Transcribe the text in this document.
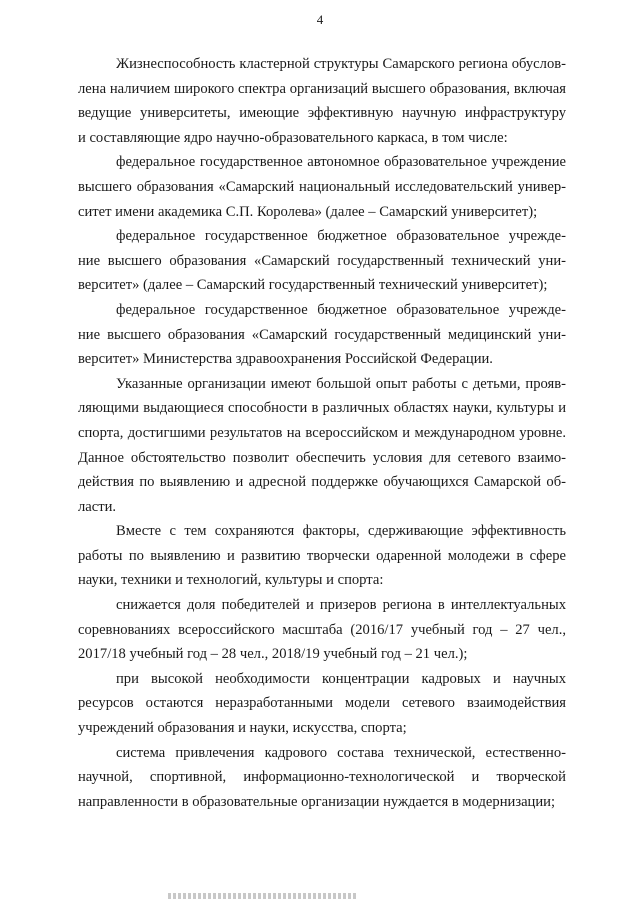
4
Жизнеспособность кластерной структуры Самарского региона обуслов-
лена наличием широкого спектра организаций высшего образования, включая
ведущие университеты, имеющие эффективную научную инфраструктуру
и составляющие ядро научно-образовательного каркаса, в том числе:
федеральное государственное автономное образовательное учреждение
высшего образования «Самарский национальный исследовательский универ-
ситет имени академика С.П. Королева» (далее – Самарский университет);
федеральное государственное бюджетное образовательное учрежде-
ние высшего образования «Самарский государственный технический уни-
верситет» (далее – Самарский государственный технический университет);
федеральное государственное бюджетное образовательное учрежде-
ние высшего образования «Самарский государственный медицинский уни-
верситет» Министерства здравоохранения Российской Федерации.
Указанные организации имеют большой опыт работы с детьми, прояв-
ляющими выдающиеся способности в различных областях науки, культуры и
спорта, достигшими результатов на всероссийском и международном уровне.
Данное обстоятельство позволит обеспечить условия для сетевого взаимо-
действия по выявлению и адресной поддержке обучающихся Самарской об-
ласти.
Вместе с тем сохраняются факторы, сдерживающие эффективность
работы по выявлению и развитию творчески одаренной молодежи в сфере
науки, техники и технологий, культуры и спорта:
снижается доля победителей и призеров региона в интеллектуальных
соревнованиях всероссийского масштаба (2016/17 учебный год – 27 чел.,
2017/18 учебный год – 28 чел., 2018/19 учебный год – 21 чел.);
при высокой необходимости концентрации кадровых и научных
ресурсов остаются неразработанными модели сетевого взаимодействия
учреждений образования и науки, искусства, спорта;
система привлечения кадрового состава технической, естественно-
научной, спортивной, информационно-технологической и творческой
направленности в образовательные организации нуждается в модернизации;
